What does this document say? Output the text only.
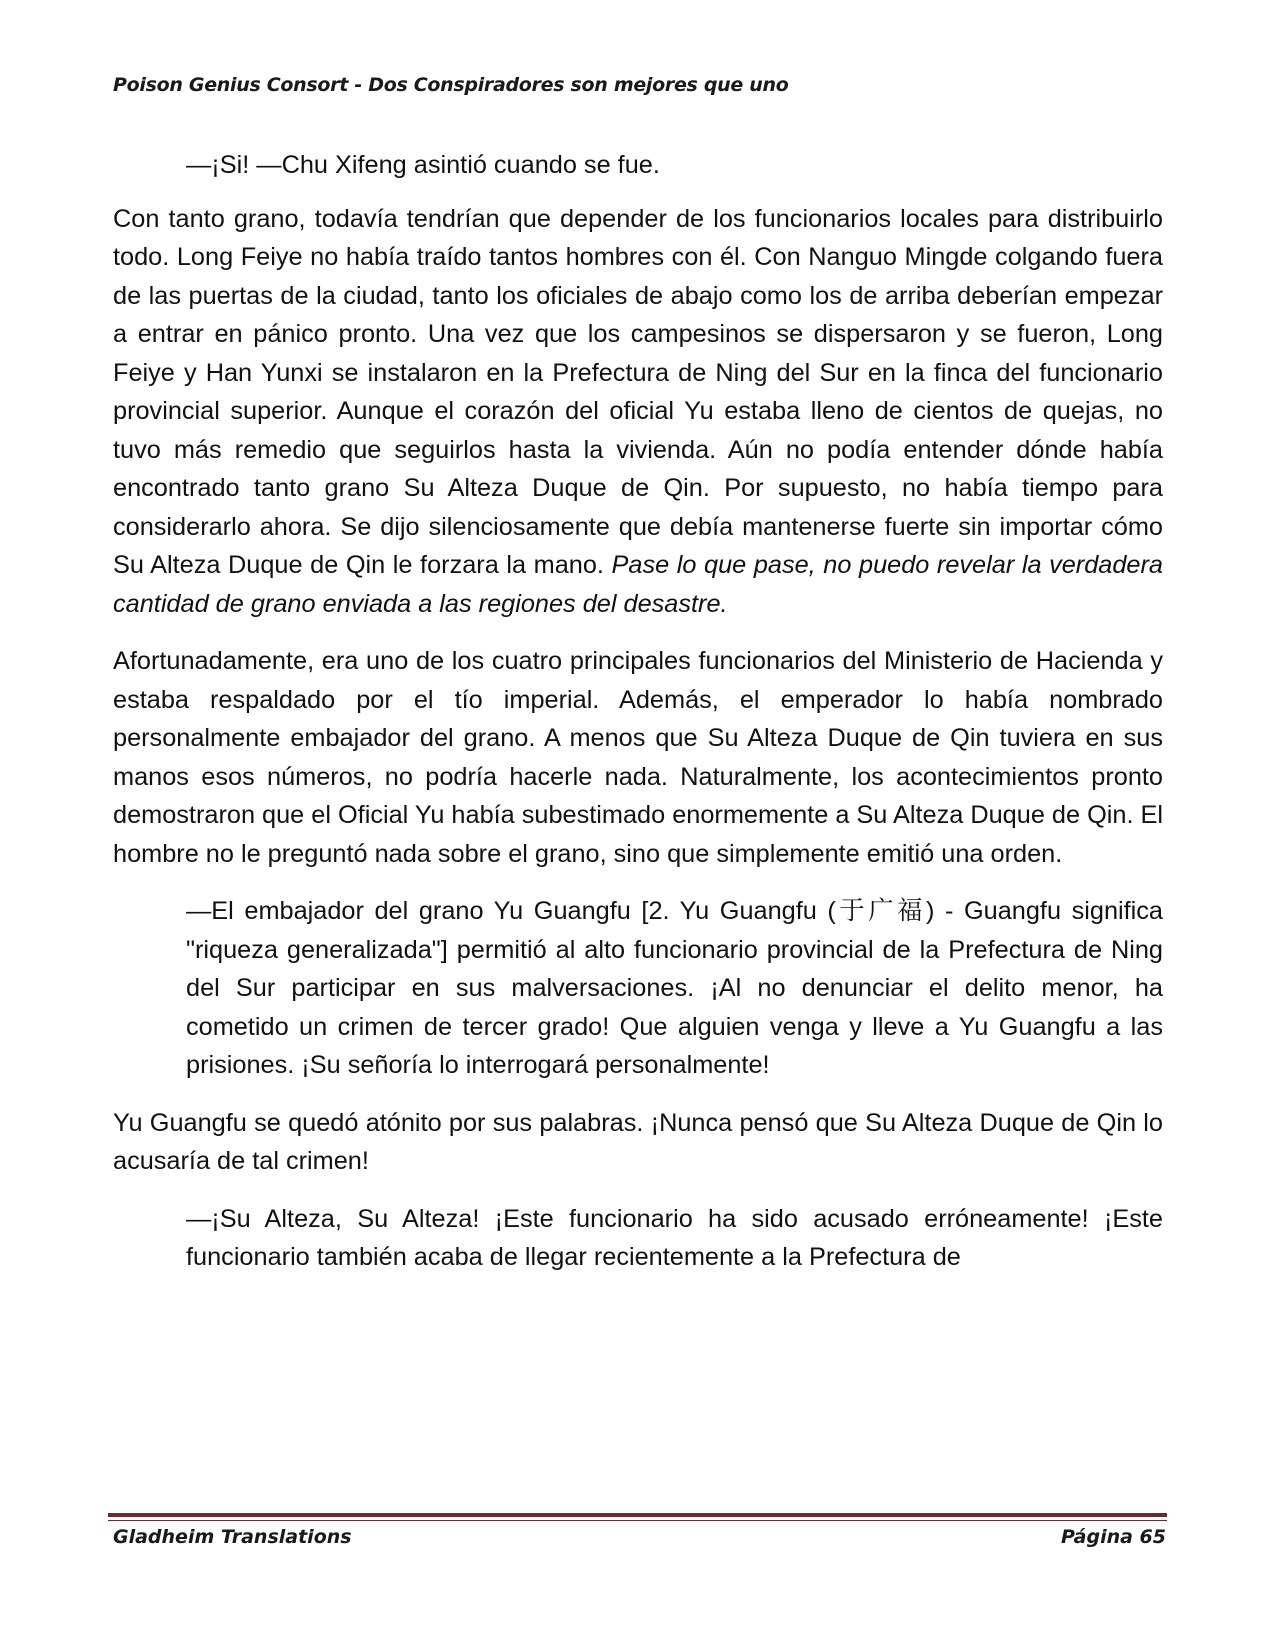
Poison Genius Consort - Dos Conspiradores son mejores que uno

—¡Si! —Chu Xifeng asintió cuando se fue.

Con tanto grano, todavía tendrían que depender de los funcionarios locales para distribuirlo todo. Long Feiye no había traído tantos hombres con él. Con Nanguo Mingde colgando fuera de las puertas de la ciudad, tanto los oficiales de abajo como los de arriba deberían empezar a entrar en pánico pronto. Una vez que los campesinos se dispersaron y se fueron, Long Feiye y Han Yunxi se instalaron en la Prefectura de Ning del Sur en la finca del funcionario provincial superior. Aunque el corazón del oficial Yu estaba lleno de cientos de quejas, no tuvo más remedio que seguirlos hasta la vivienda. Aún no podía entender dónde había encontrado tanto grano Su Alteza Duque de Qin. Por supuesto, no había tiempo para considerarlo ahora. Se dijo silenciosamente que debía mantenerse fuerte sin importar cómo Su Alteza Duque de Qin le forzara la mano. Pase lo que pase, no puedo revelar la verdadera cantidad de grano enviada a las regiones del desastre.

Afortunadamente, era uno de los cuatro principales funcionarios del Ministerio de Hacienda y estaba respaldado por el tío imperial. Además, el emperador lo había nombrado personalmente embajador del grano. A menos que Su Alteza Duque de Qin tuviera en sus manos esos números, no podría hacerle nada. Naturalmente, los acontecimientos pronto demostraron que el Oficial Yu había subestimado enormemente a Su Alteza Duque de Qin. El hombre no le preguntó nada sobre el grano, sino que simplemente emitió una orden.

—El embajador del grano Yu Guangfu [2. Yu Guangfu (于广福) - Guangfu significa "riqueza generalizada"] permitió al alto funcionario provincial de la Prefectura de Ning del Sur participar en sus malversaciones. ¡Al no denunciar el delito menor, ha cometido un crimen de tercer grado! Que alguien venga y lleve a Yu Guangfu a las prisiones. ¡Su señoría lo interrogará personalmente!

Yu Guangfu se quedó atónito por sus palabras. ¡Nunca pensó que Su Alteza Duque de Qin lo acusaría de tal crimen!

—¡Su Alteza, Su Alteza! ¡Este funcionario ha sido acusado erróneamente! ¡Este funcionario también acaba de llegar recientemente a la Prefectura de

Gladheim Translations	Página 65
